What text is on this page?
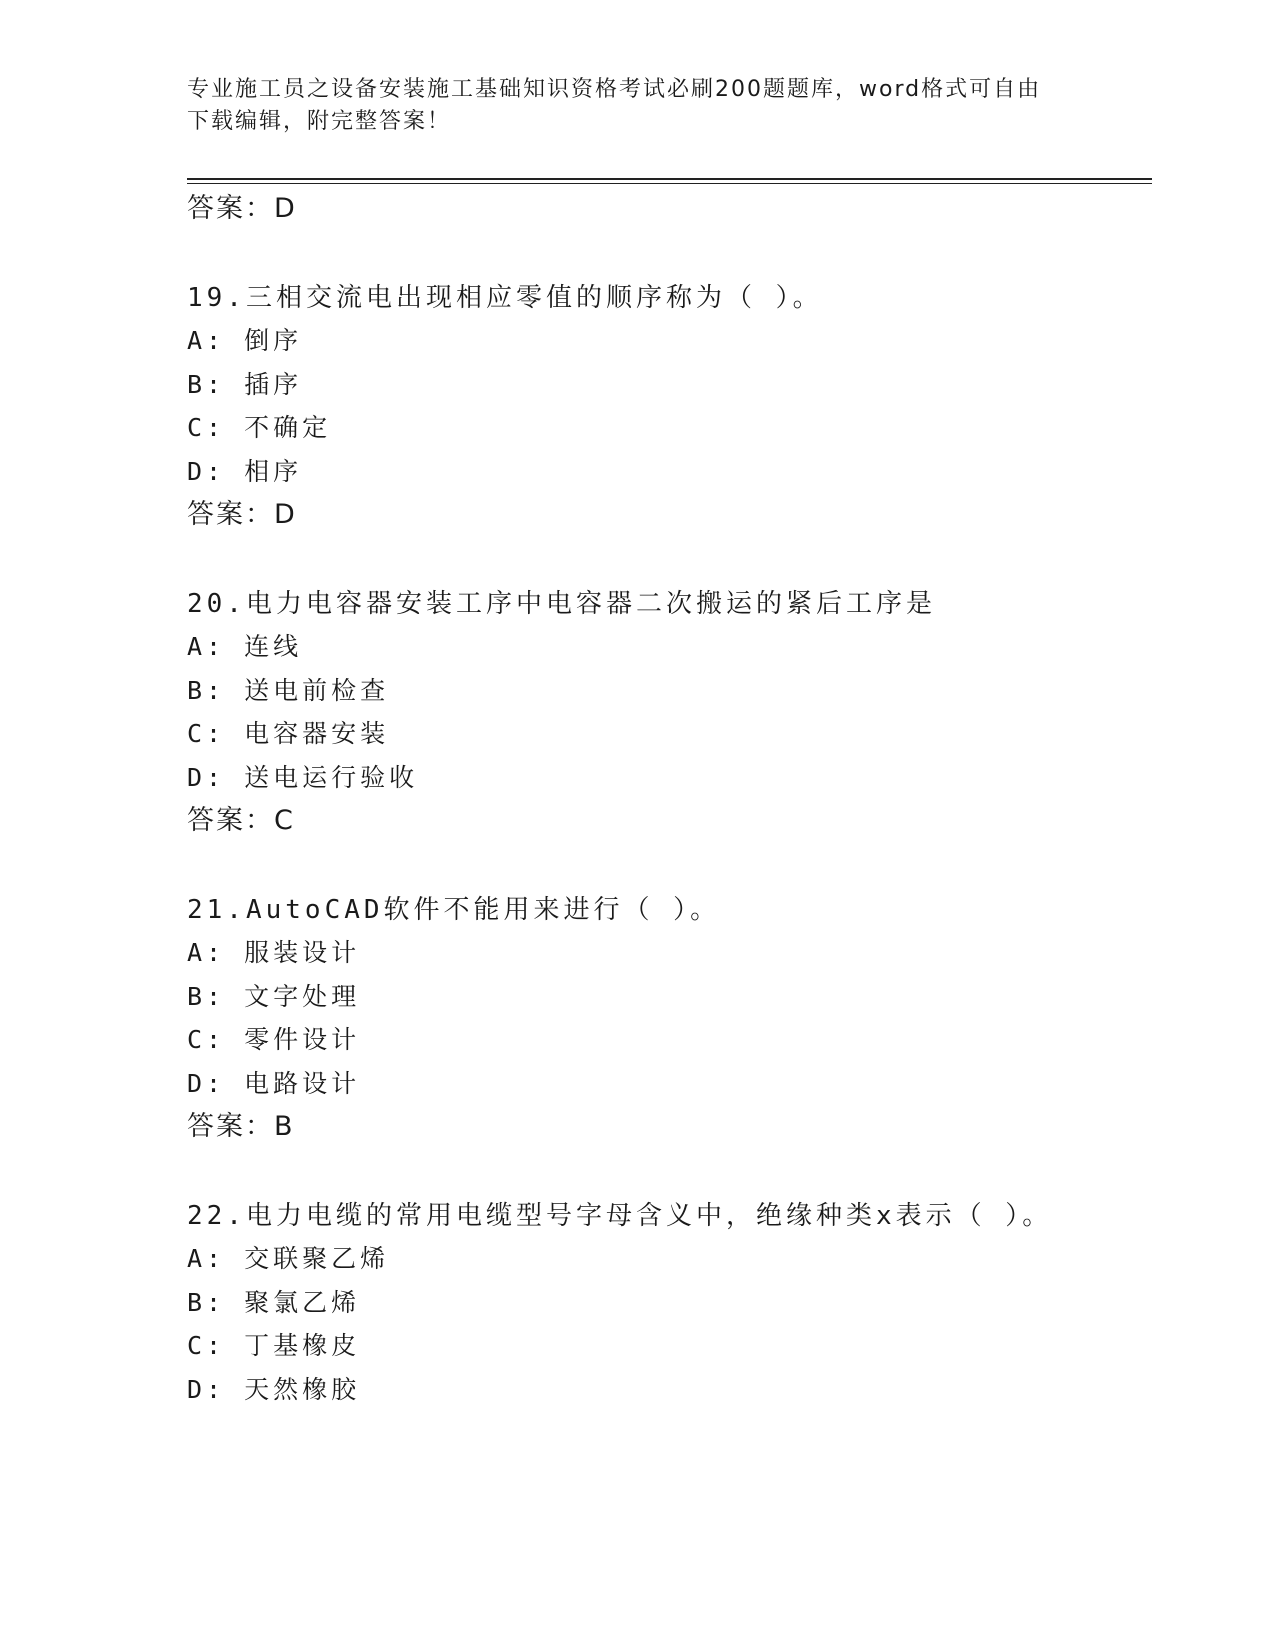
专业施工员之设备安装施工基础知识资格考试必刷200题题库，word格式可自由
下载编辑，附完整答案！
答案：D
19.三相交流电出现相应零值的顺序称为（ ）。
A: 倒序
B: 插序
C: 不确定
D: 相序
答案：D
20.电力电容器安装工序中电容器二次搬运的紧后工序是
A: 连线
B: 送电前检查
C: 电容器安装
D: 送电运行验收
答案：C
21.AutoCAD软件不能用来进行（ ）。
A: 服装设计
B: 文字处理
C: 零件设计
D: 电路设计
答案：B
22.电力电缆的常用电缆型号字母含义中，绝缘种类x表示（ ）。
A: 交联聚乙烯
B: 聚氯乙烯
C: 丁基橡皮
D: 天然橡胶
